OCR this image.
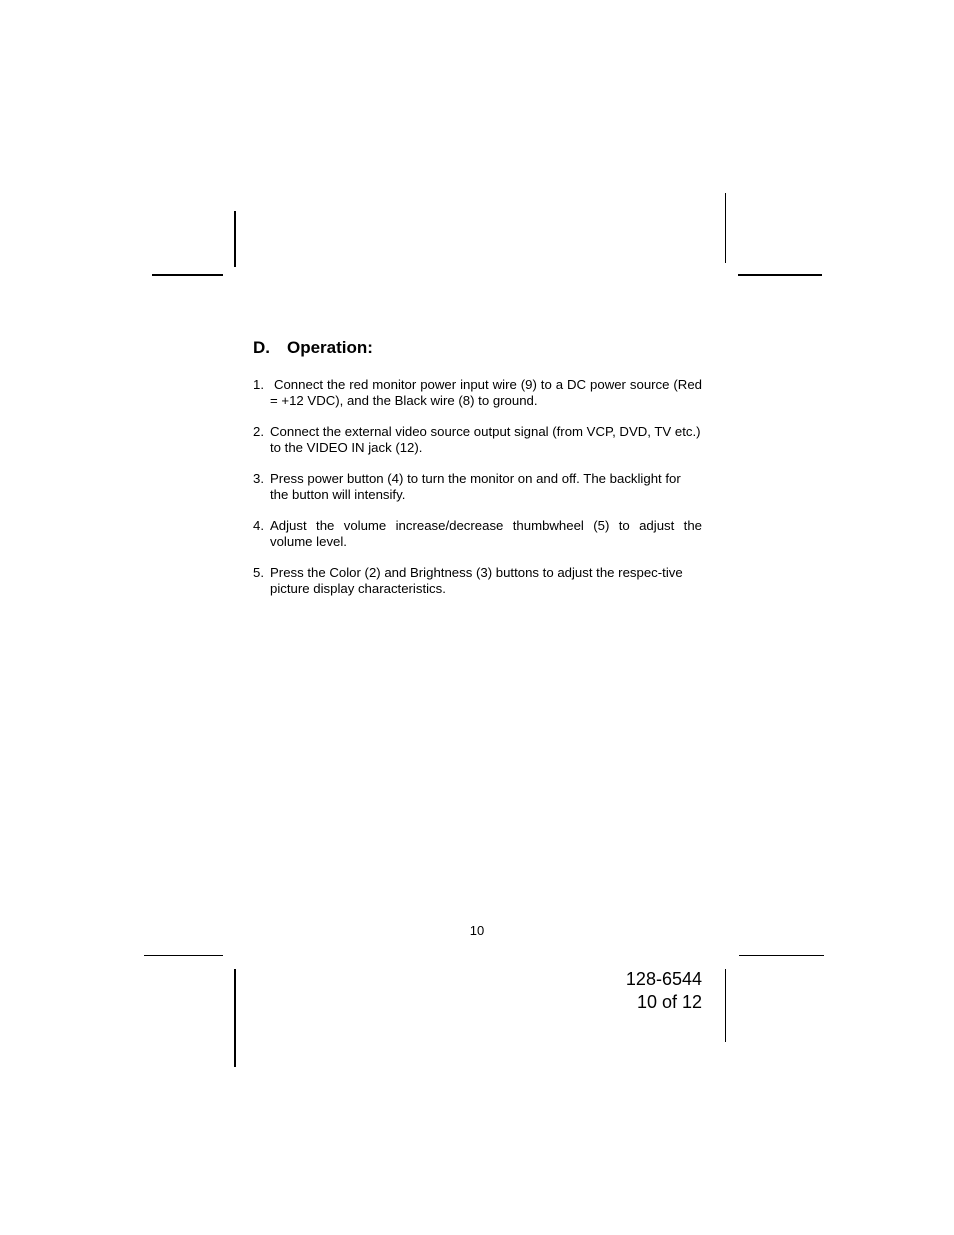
D. Operation:
1. Connect the red monitor power input wire (9) to a DC power source (Red = +12 VDC), and the Black wire (8) to ground.
2. Connect the external video source output signal (from VCP, DVD, TV etc.) to the VIDEO IN jack (12).
3. Press power button (4) to turn the monitor on and off. The backlight for the button will intensify.
4. Adjust the volume increase/decrease thumbwheel (5) to adjust the volume level.
5. Press the Color (2) and Brightness (3) buttons to adjust the respec-tive picture display characteristics.
10
128-6544
10 of 12
